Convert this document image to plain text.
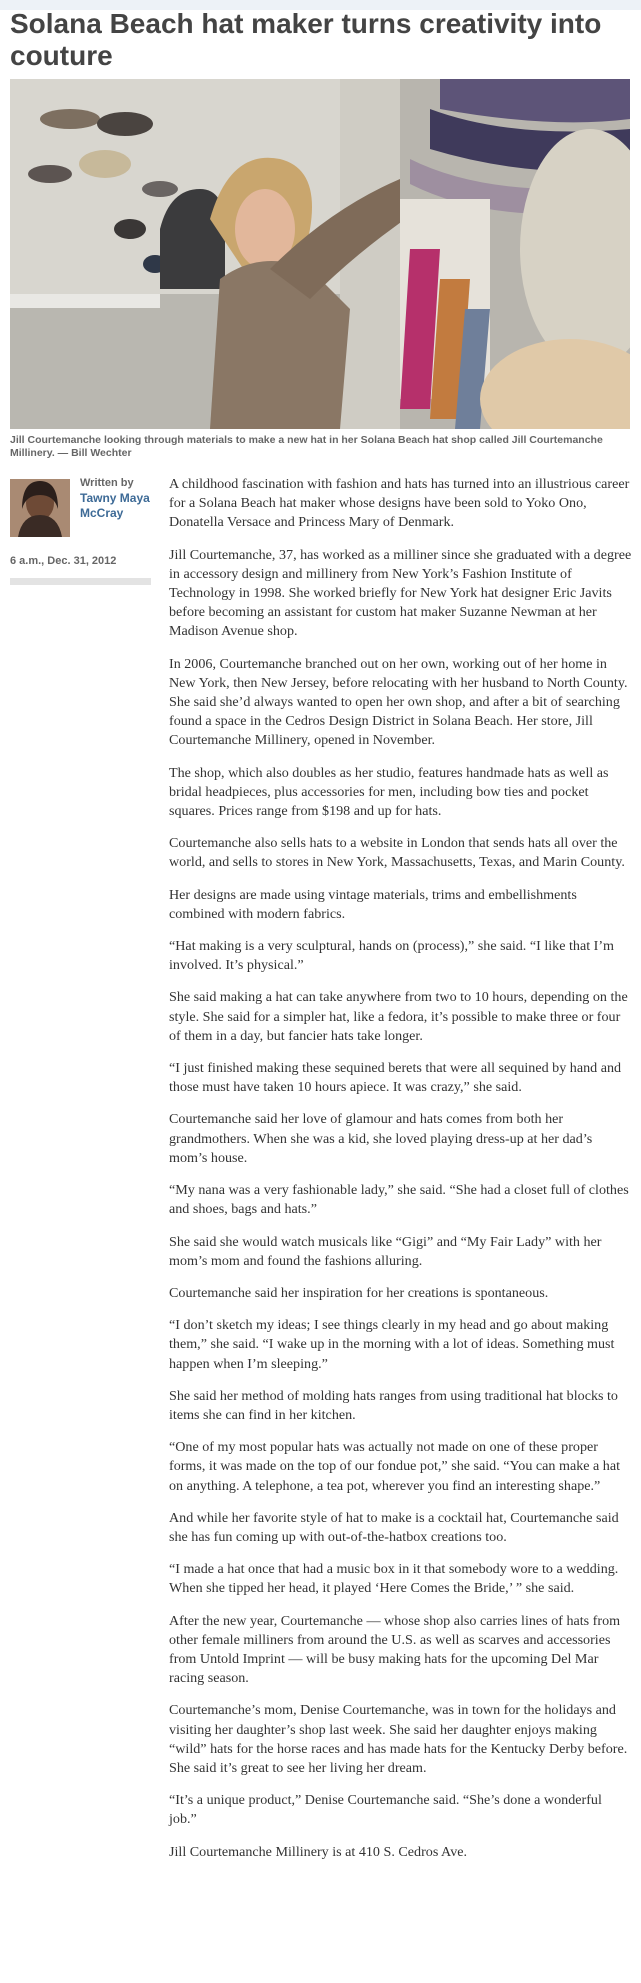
Solana Beach hat maker turns creativity into couture

Jill Courtemanche looking through materials to make a new hat in her Solana Beach hat shop called Jill Courtemanche Millinery. — Bill Wechter

Written by
Tawny Maya McCray
6 a.m., Dec. 31, 2012

A childhood fascination with fashion and hats has turned into an illustrious career for a Solana Beach hat maker whose designs have been sold to Yoko Ono, Donatella Versace and Princess Mary of Denmark.

Jill Courtemanche, 37, has worked as a milliner since she graduated with a degree in accessory design and millinery from New York’s Fashion Institute of Technology in 1998. She worked briefly for New York hat designer Eric Javits before becoming an assistant for custom hat maker Suzanne Newman at her Madison Avenue shop.

In 2006, Courtemanche branched out on her own, working out of her home in New York, then New Jersey, before relocating with her husband to North County. She said she’d always wanted to open her own shop, and after a bit of searching found a space in the Cedros Design District in Solana Beach. Her store, Jill Courtemanche Millinery, opened in November.

The shop, which also doubles as her studio, features handmade hats as well as bridal headpieces, plus accessories for men, including bow ties and pocket squares. Prices range from $198 and up for hats.

Courtemanche also sells hats to a website in London that sends hats all over the world, and sells to stores in New York, Massachusetts, Texas, and Marin County.

Her designs are made using vintage materials, trims and embellishments combined with modern fabrics.

“Hat making is a very sculptural, hands on (process),” she said. “I like that I’m involved. It’s physical.”

She said making a hat can take anywhere from two to 10 hours, depending on the style. She said for a simpler hat, like a fedora, it’s possible to make three or four of them in a day, but fancier hats take longer.

“I just finished making these sequined berets that were all sequined by hand and those must have taken 10 hours apiece. It was crazy,” she said.

Courtemanche said her love of glamour and hats comes from both her grandmothers. When she was a kid, she loved playing dress-up at her dad’s mom’s house.

“My nana was a very fashionable lady,” she said. “She had a closet full of clothes and shoes, bags and hats.”

She said she would watch musicals like “Gigi” and “My Fair Lady” with her mom’s mom and found the fashions alluring.

Courtemanche said her inspiration for her creations is spontaneous.

“I don’t sketch my ideas; I see things clearly in my head and go about making them,” she said. “I wake up in the morning with a lot of ideas. Something must happen when I’m sleeping.”

She said her method of molding hats ranges from using traditional hat blocks to items she can find in her kitchen.

“One of my most popular hats was actually not made on one of these proper forms, it was made on the top of our fondue pot,” she said. “You can make a hat on anything. A telephone, a tea pot, wherever you find an interesting shape.”

And while her favorite style of hat to make is a cocktail hat, Courtemanche said she has fun coming up with out-of-the-hatbox creations too.

“I made a hat once that had a music box in it that somebody wore to a wedding. When she tipped her head, it played ‘Here Comes the Bride,’ ” she said.

After the new year, Courtemanche — whose shop also carries lines of hats from other female milliners from around the U.S. as well as scarves and accessories from Untold Imprint — will be busy making hats for the upcoming Del Mar racing season.

Courtemanche’s mom, Denise Courtemanche, was in town for the holidays and visiting her daughter’s shop last week. She said her daughter enjoys making “wild” hats for the horse races and has made hats for the Kentucky Derby before. She said it’s great to see her living her dream.

“It’s a unique product,” Denise Courtemanche said. “She’s done a wonderful job.”

Jill Courtemanche Millinery is at 410 S. Cedros Ave.
